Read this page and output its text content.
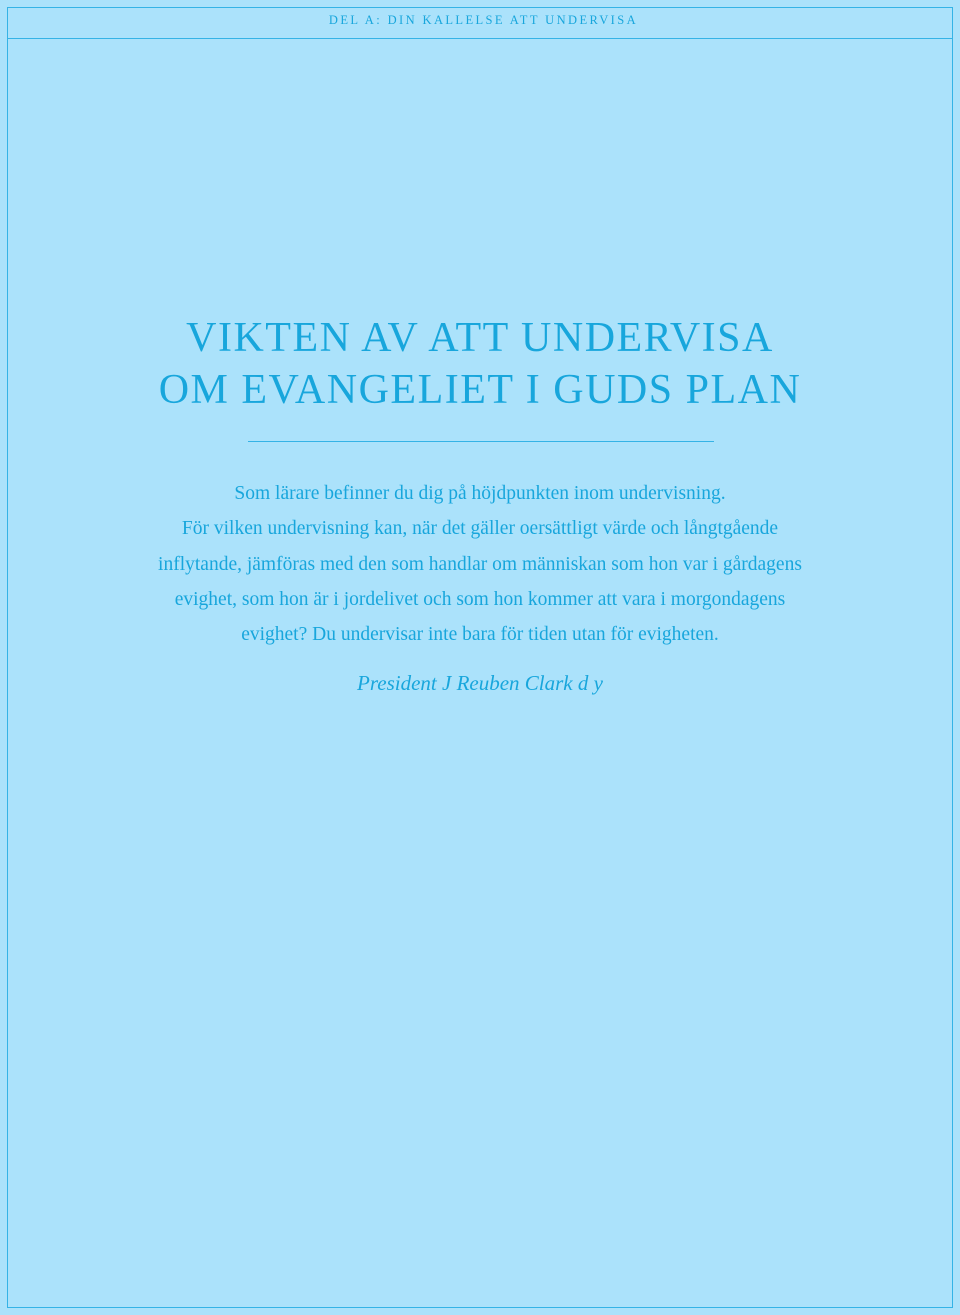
DEL A: DIN KALLELSE ATT UNDERVISA
VIKTEN AV ATT UNDERVISA
OM EVANGELIET I GUDS PLAN
Som lärare befinner du dig på höjdpunkten inom undervisning.
För vilken undervisning kan, när det gäller oersättligt värde och långtgående
inflytande, jämföras med den som handlar om människan som hon var i gårdagens
evighet, som hon är i jordelivet och som hon kommer att vara i morgondagens
evighet? Du undervisar inte bara för tiden utan för evigheten.
President J Reuben Clark d y
